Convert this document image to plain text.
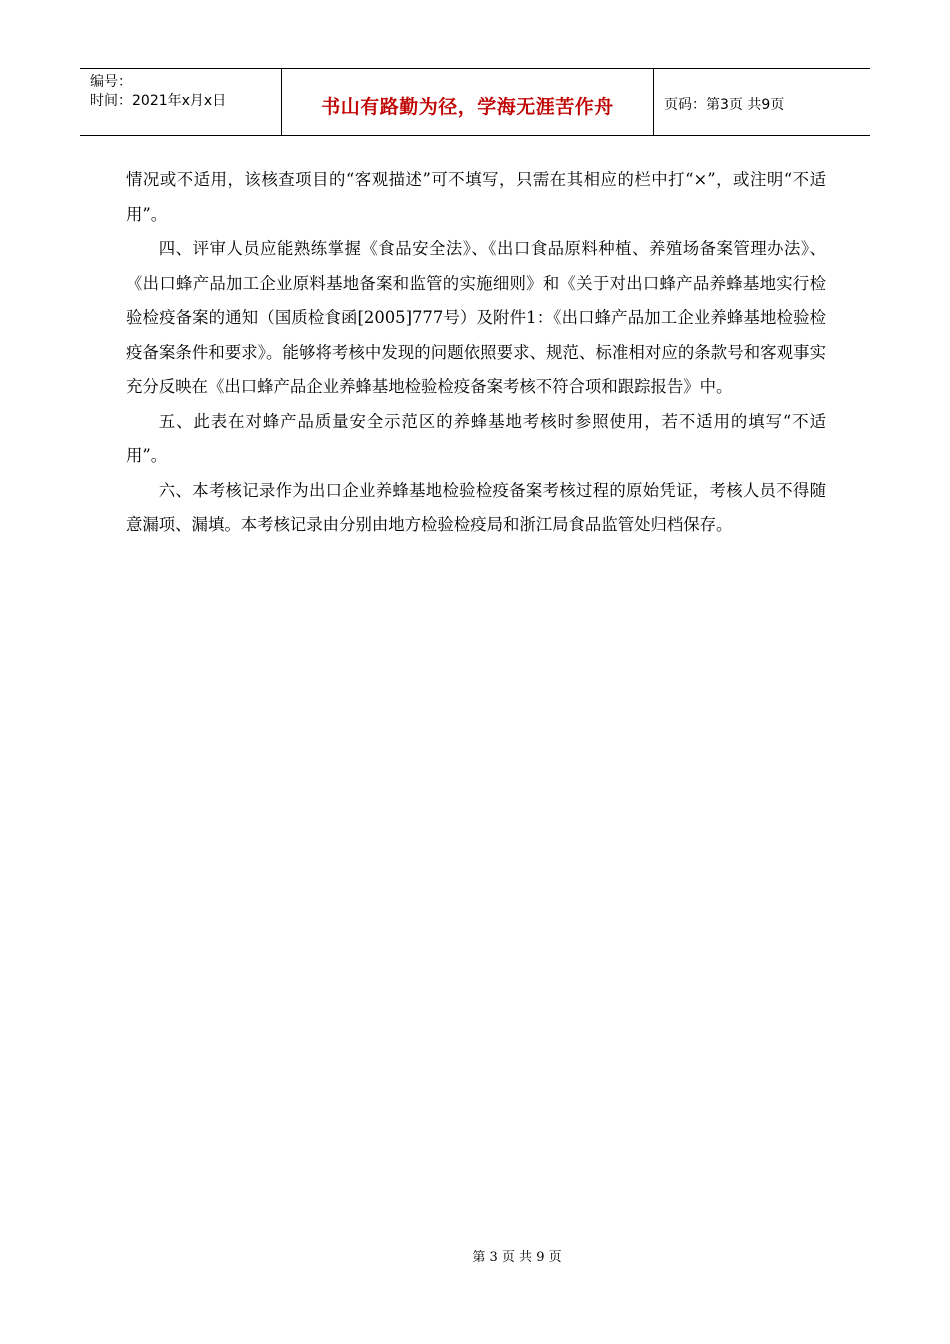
编号：
时间：2021年x月x日	书山有路勤为径，学海无涯苦作舟	页码：第3页 共9页

情况或不适用，该核查项目的“客观描述”可不填写，只需在其相应的栏中打“×”，或注明“不适用”。

四、评审人员应能熟练掌握《食品安全法》、《出口食品原料种植、养殖场备案管理办法》、《出口蜂产品加工企业原料基地备案和监管的实施细则》和《关于对出口蜂产品养蜂基地实行检验检疫备案的通知（国质检食函[2005]777号）及附件1：《出口蜂产品加工企业养蜂基地检验检疫备案条件和要求》。能够将考核中发现的问题依照要求、规范、标准相对应的条款号和客观事实充分反映在《出口蜂产品企业养蜂基地检验检疫备案考核不符合项和跟踪报告》中。

五、此表在对蜂产品质量安全示范区的养蜂基地考核时参照使用，若不适用的填写“不适用”。

六、本考核记录作为出口企业养蜂基地检验检疫备案考核过程的原始凭证，考核人员不得随意漏项、漏填。本考核记录由分别由地方检验检疫局和浙江局食品监管处归档保存。

第 3 页 共 9 页
